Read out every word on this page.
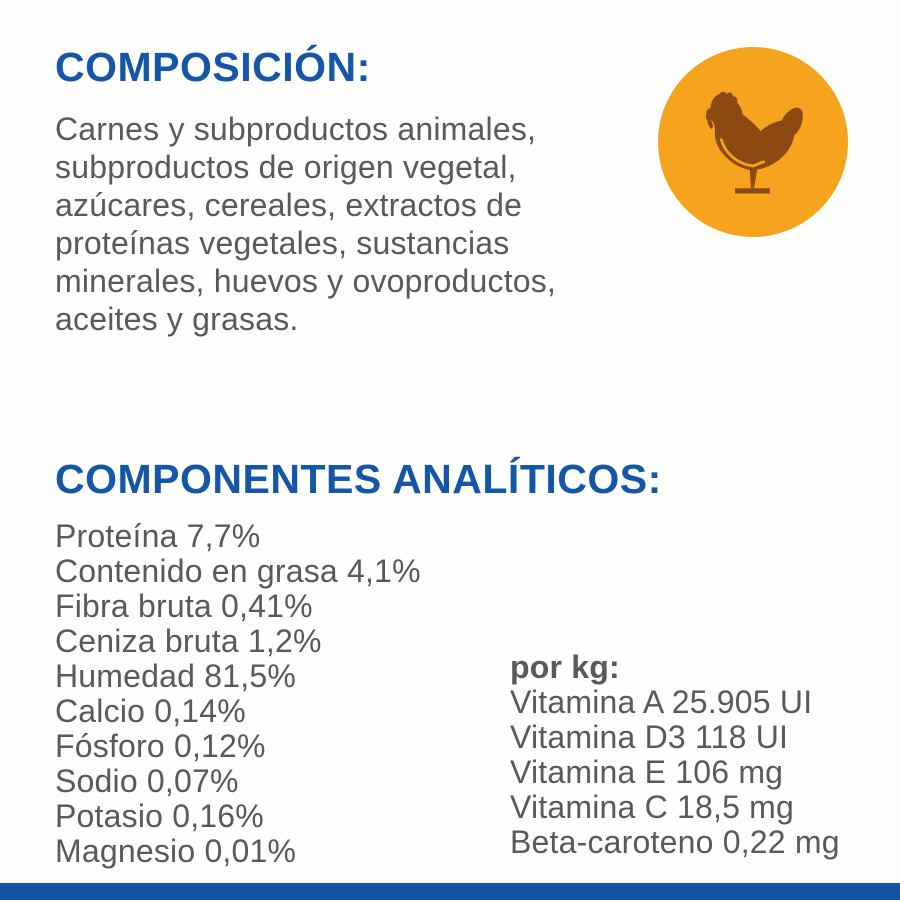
COMPOSICIÓN:
Carnes y subproductos animales,
subproductos de origen vegetal,
azúcares, cereales, extractos de
proteínas vegetales, sustancias
minerales, huevos y ovoproductos,
aceites y grasas.
COMPONENTES ANALÍTICOS:
Proteína 7,7%
Contenido en grasa 4,1%
Fibra bruta 0,41%
Ceniza bruta 1,2%
Humedad 81,5%
Calcio 0,14%
Fósforo 0,12%
Sodio 0,07%
Potasio 0,16%
Magnesio 0,01%
por kg:
Vitamina A 25.905 UI
Vitamina D3 118 UI
Vitamina E 106 mg
Vitamina C 18,5 mg
Beta-caroteno 0,22 mg
